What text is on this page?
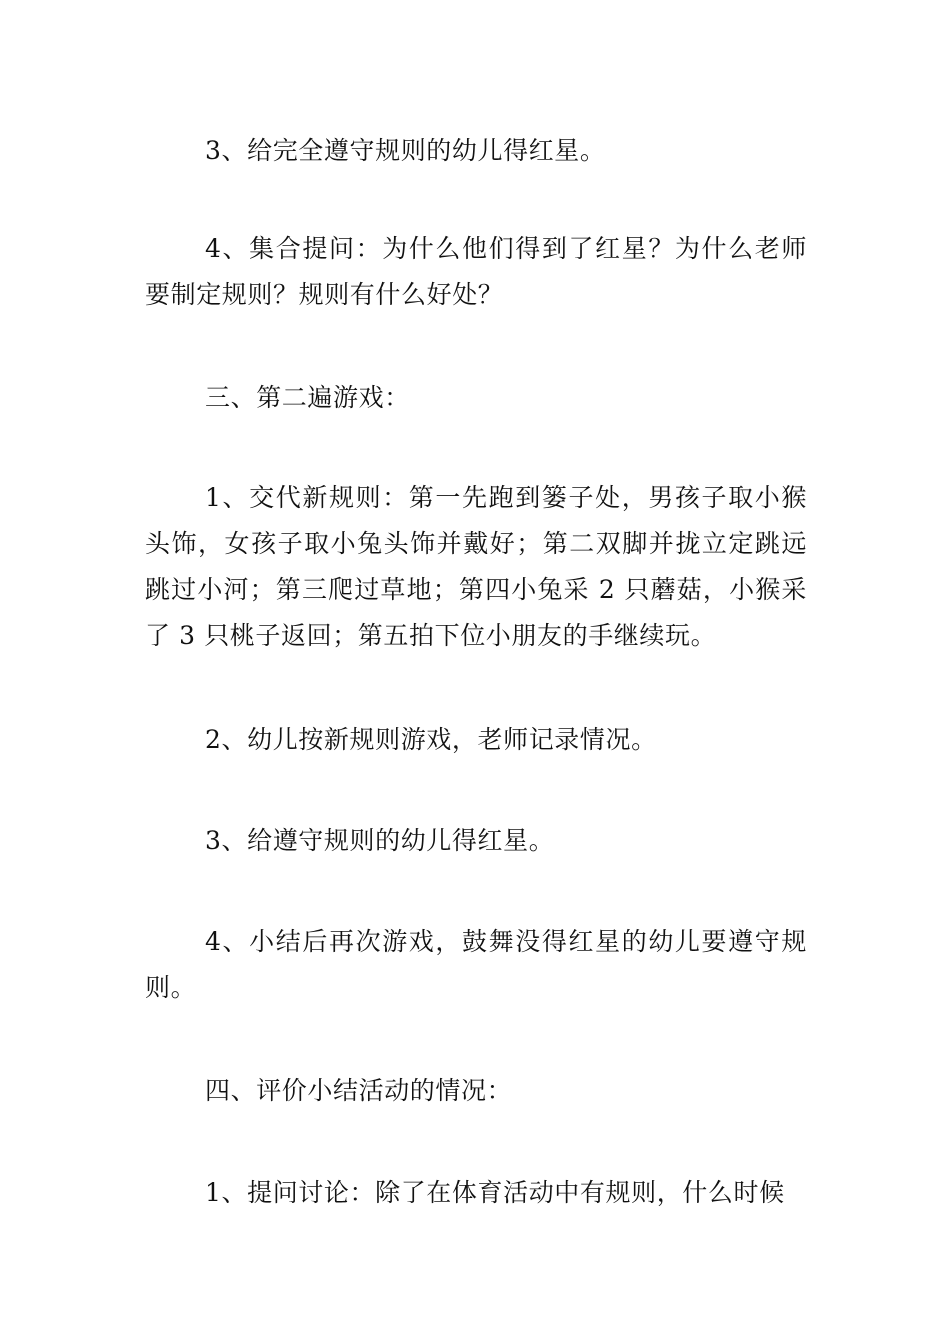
3、给完全遵守规则的幼儿得红星。

4、集合提问：为什么他们得到了红星？为什么老师要制定规则？规则有什么好处？

三、第二遍游戏：

1、交代新规则：第一先跑到篓子处，男孩子取小猴头饰，女孩子取小兔头饰并戴好；第二双脚并拢立定跳远跳过小河；第三爬过草地；第四小兔采 2 只蘑菇，小猴采了 3 只桃子返回；第五拍下位小朋友的手继续玩。

2、幼儿按新规则游戏，老师记录情况。

3、给遵守规则的幼儿得红星。

4、小结后再次游戏，鼓舞没得红星的幼儿要遵守规则。

四、评价小结活动的情况：

1、提问讨论：除了在体育活动中有规则，什么时候
